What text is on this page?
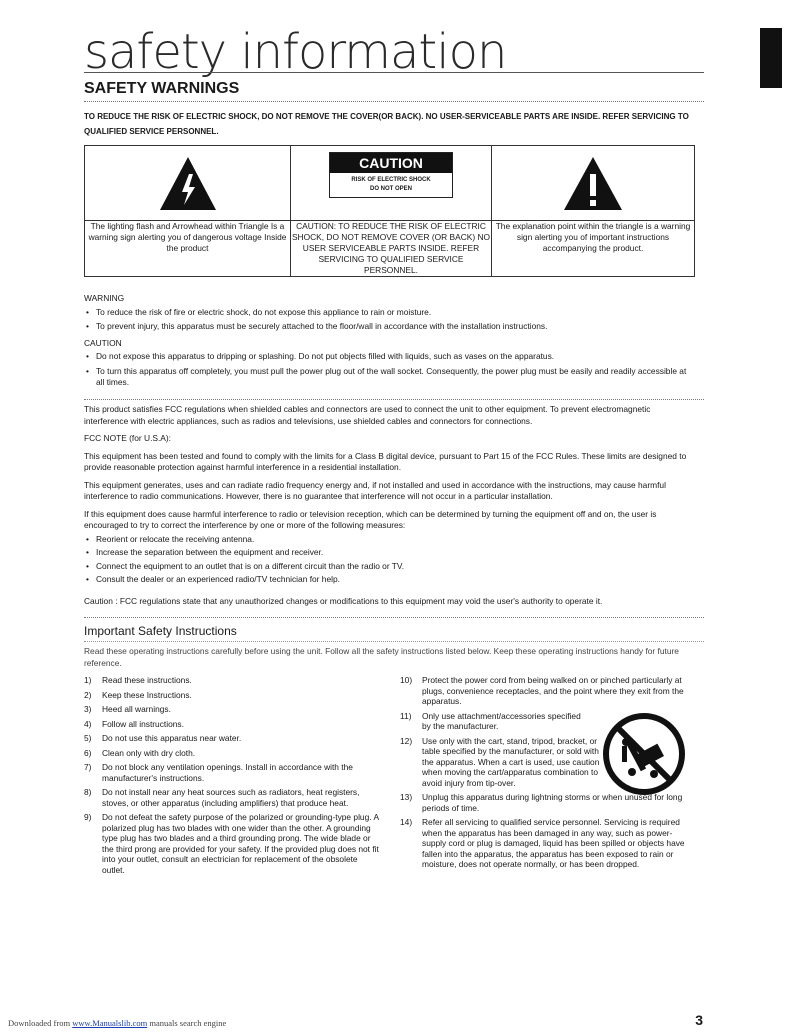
safety information
SAFETY WARNINGS
TO REDUCE THE RISK OF ELECTRIC SHOCK, DO NOT REMOVE THE COVER(OR BACK). NO USER-SERVICEABLE PARTS ARE INSIDE. REFER SERVICING TO QUALIFIED SERVICE PERSONNEL.

CAUTION
RISK OF ELECTRIC SHOCK
DO NOT OPEN

The lighting flash and Arrowhead within Triangle Is a warning sign alerting you of dangerous voltage Inside the product	CAUTION: TO REDUCE THE RISK OF ELECTRIC SHOCK, DO NOT REMOVE COVER (OR BACK) NO USER SERVICEABLE PARTS INSIDE. REFER SERVICING TO QUALIFIED SERVICE PERSONNEL.	The explanation point within the triangle is a warning sign alerting you of important instructions accompanying the product.

WARNING

• To reduce the risk of fire or electric shock, do not expose this appliance to rain or moisture.

• To prevent injury, this apparatus must be securely attached to the floor/wall in accordance with the installation instructions.

CAUTION

• Do not expose this apparatus to dripping or splashing. Do not put objects filled with liquids, such as vases on the apparatus.

• To turn this apparatus off completely, you must pull the power plug out of the wall socket. Consequently, the power plug must be easily and readily accessible at all times.

This product satisfies FCC regulations when shielded cables and connectors are used to connect the unit to other equipment. To prevent electromagnetic interference with electric appliances, such as radios and televisions, use shielded cables and connectors for connections.

FCC NOTE (for U.S.A):

This equipment has been tested and found to comply with the limits for a Class B digital device, pursuant to Part 15 of the FCC Rules. These limits are designed to provide reasonable protection against harmful interference in a residential installation.

This equipment generates, uses and can radiate radio frequency energy and, if not installed and used in accordance with the instructions, may cause harmful interference to radio communications. However, there is no guarantee that interference will not occur in a particular installation.

If this equipment does cause harmful interference to radio or television reception, which can be determined by turning the equipment off and on, the user is encouraged to try to correct the interference by one or more of the following measures:

• Reorient or relocate the receiving antenna.

• Increase the separation between the equipment and receiver.

• Connect the equipment to an outlet that is on a different circuit than the radio or TV.

• Consult the dealer or an experienced radio/TV technician for help.

Caution : FCC regulations state that any unauthorized changes or modifications to this equipment may void the user's authority to operate it.

Important Safety Instructions
Read these operating instructions carefully before using the unit. Follow all the safety instructions listed below. Keep these operating instructions handy for future reference.
1) Read these instructions.
2) Keep these Instructions.
3) Heed all warnings.
4) Follow all instructions.
5) Do not use this apparatus near water.
6) Clean only with dry cloth.
7) Do not block any ventilation openings. Install in accordance with the manufacturer's instructions.
8) Do not install near any heat sources such as radiators, heat registers, stoves, or other apparatus (including amplifiers) that produce heat.
9) Do not defeat the safety purpose of the polarized or grounding-type plug. A polarized plug has two blades with one wider than the other. A grounding type plug has two blades and a third grounding prong. The wide blade or the third prong are provided for your safety. If the provided plug does not fit into your outlet, consult an electrician for replacement of the obsolete outlet.
10) Protect the power cord from being walked on or pinched particularly at plugs, convenience receptacles, and the point where they exit from the apparatus.
11) Only use attachment/accessories specified by the manufacturer.
12) Use only with the cart, stand, tripod, bracket, or table specified by the manufacturer, or sold with the apparatus. When a cart is used, use caution when moving the cart/apparatus combination to avoid injury from tip-over.
13) Unplug this apparatus during lightning storms or when unused for long periods of time.
14) Refer all servicing to qualified service personnel. Servicing is required when the apparatus has been damaged in any way, such as power-supply cord or plug is damaged, liquid has been spilled or objects have fallen into the apparatus, the apparatus has been exposed to rain or moisture, does not operate normally, or has been dropped.
Downloaded from www.Manualslib.com manuals search engine	3
